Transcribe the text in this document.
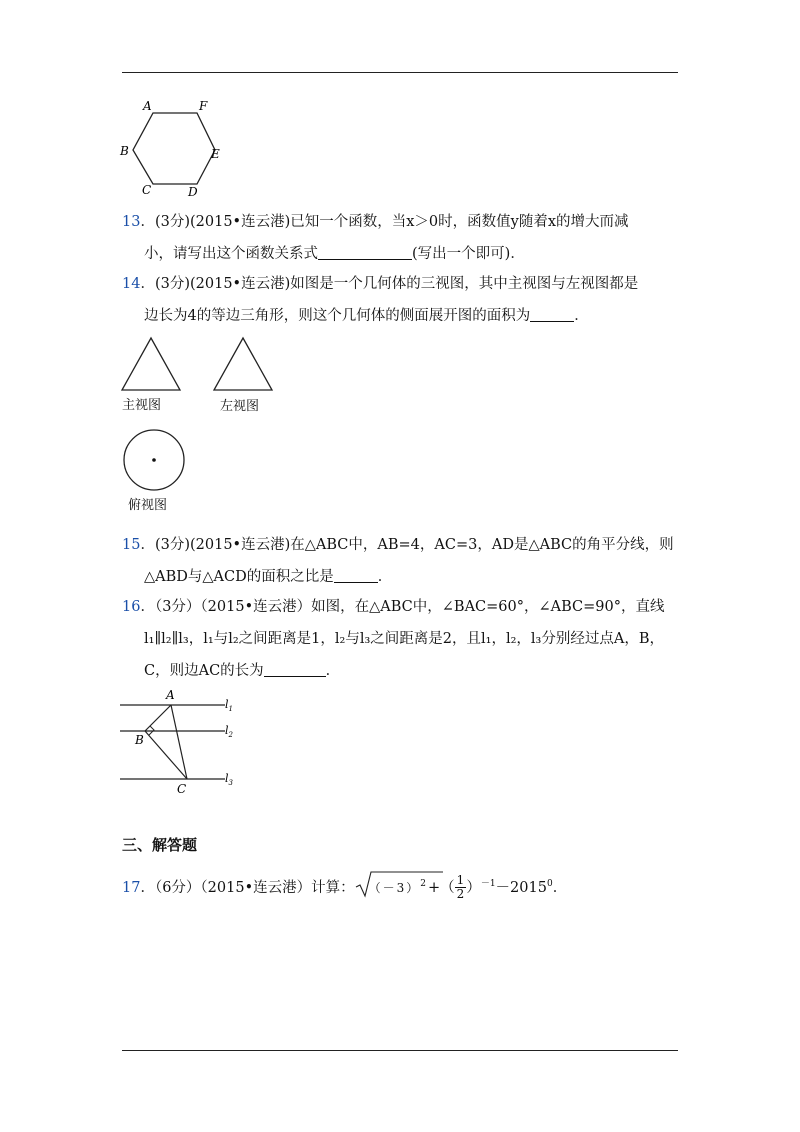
A	F
B	E
C	D
13．(3分)(2015•连云港)已知一个函数，当x＞0时，函数值y随着x的增大而减
小，请写出这个函数关系式	(写出一个即可)．
14．(3分)(2015•连云港)如图是一个几何体的三视图，其中主视图与左视图都是
边长为4的等边三角形，则这个几何体的侧面展开图的面积为	．
主视图	左视图
俯视图
15．(3分)(2015•连云港)在△ABC中，AB=4，AC=3，AD是△ABC的角平分线，则
△ABD与△ACD的面积之比是	．
16．（3分）（2015•连云港）如图，在△ABC中，∠BAC=60°，∠ABC=90°，直线
l₁∥l₂∥l₃，l₁与l₂之间距离是1，l₂与l₃之间距离是2，且l₁，l₂，l₃分别经过点A，B，
C，则边AC的长为	．
A
B
C
$l_1$
$l_2$
$l_3$
三、解答题
17．（6分）（2015•连云港）计算： $(-3)^2$ +（ $\frac{1}{2} )^{-1}-2015^0$．
